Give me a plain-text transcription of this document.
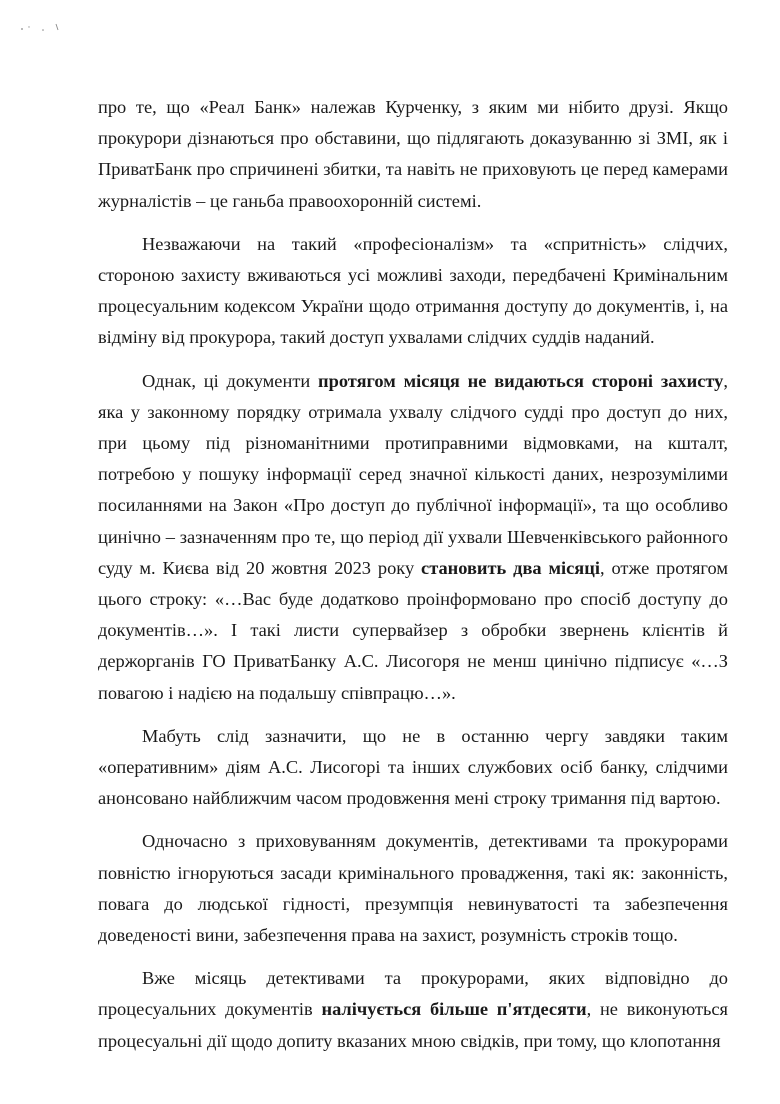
про те, що «Реал Банк» належав Курченку, з яким ми нібито друзі. Якщо прокурори дізнаються про обставини, що підлягають доказуванню зі ЗМІ, як і ПриватБанк про спричинені збитки, та навіть не приховують це перед камерами журналістів – це ганьба правоохоронній системі.

Незважаючи на такий «професіоналізм» та «спритність» слідчих, стороною захисту вживаються усі можливі заходи, передбачені Кримінальним процесуальним кодексом України щодо отримання доступу до документів, і, на відміну від прокурора, такий доступ ухвалами слідчих суддів наданий.

Однак, ці документи протягом місяця не видаються стороні захисту, яка у законному порядку отримала ухвалу слідчого судді про доступ до них, при цьому під різноманітними протиправними відмовками, на кшталт, потребою у пошуку інформації серед значної кількості даних, незрозумілими посиланнями на Закон «Про доступ до публічної інформації», та що особливо цинічно – зазначенням про те, що період дії ухвали Шевченківського районного суду м. Києва від 20 жовтня 2023 року становить два місяці, отже протягом цього строку: «…Вас буде додатково проінформовано про спосіб доступу до документів…». І такі листи супервайзер з обробки звернень клієнтів й держорганів ГО ПриватБанку А.С. Лисогоря не менш цинічно підписує «…З повагою і надією на подальшу співпрацю…».

Мабуть слід зазначити, що не в останню чергу завдяки таким «оперативним» діям А.С. Лисогорі та інших службових осіб банку, слідчими анонсовано найближчим часом продовження мені строку тримання під вартою.

Одночасно з приховуванням документів, детективами та прокурорами повністю ігноруються засади кримінального провадження, такі як: законність, повага до людської гідності, презумпція невинуватості та забезпечення доведеності вини, забезпечення права на захист, розумність строків тощо.

Вже місяць детективами та прокурорами, яких відповідно до процесуальних документів налічується більше п'ятдесяти, не виконуються процесуальні дії щодо допиту вказаних мною свідків, при тому, що клопотання
